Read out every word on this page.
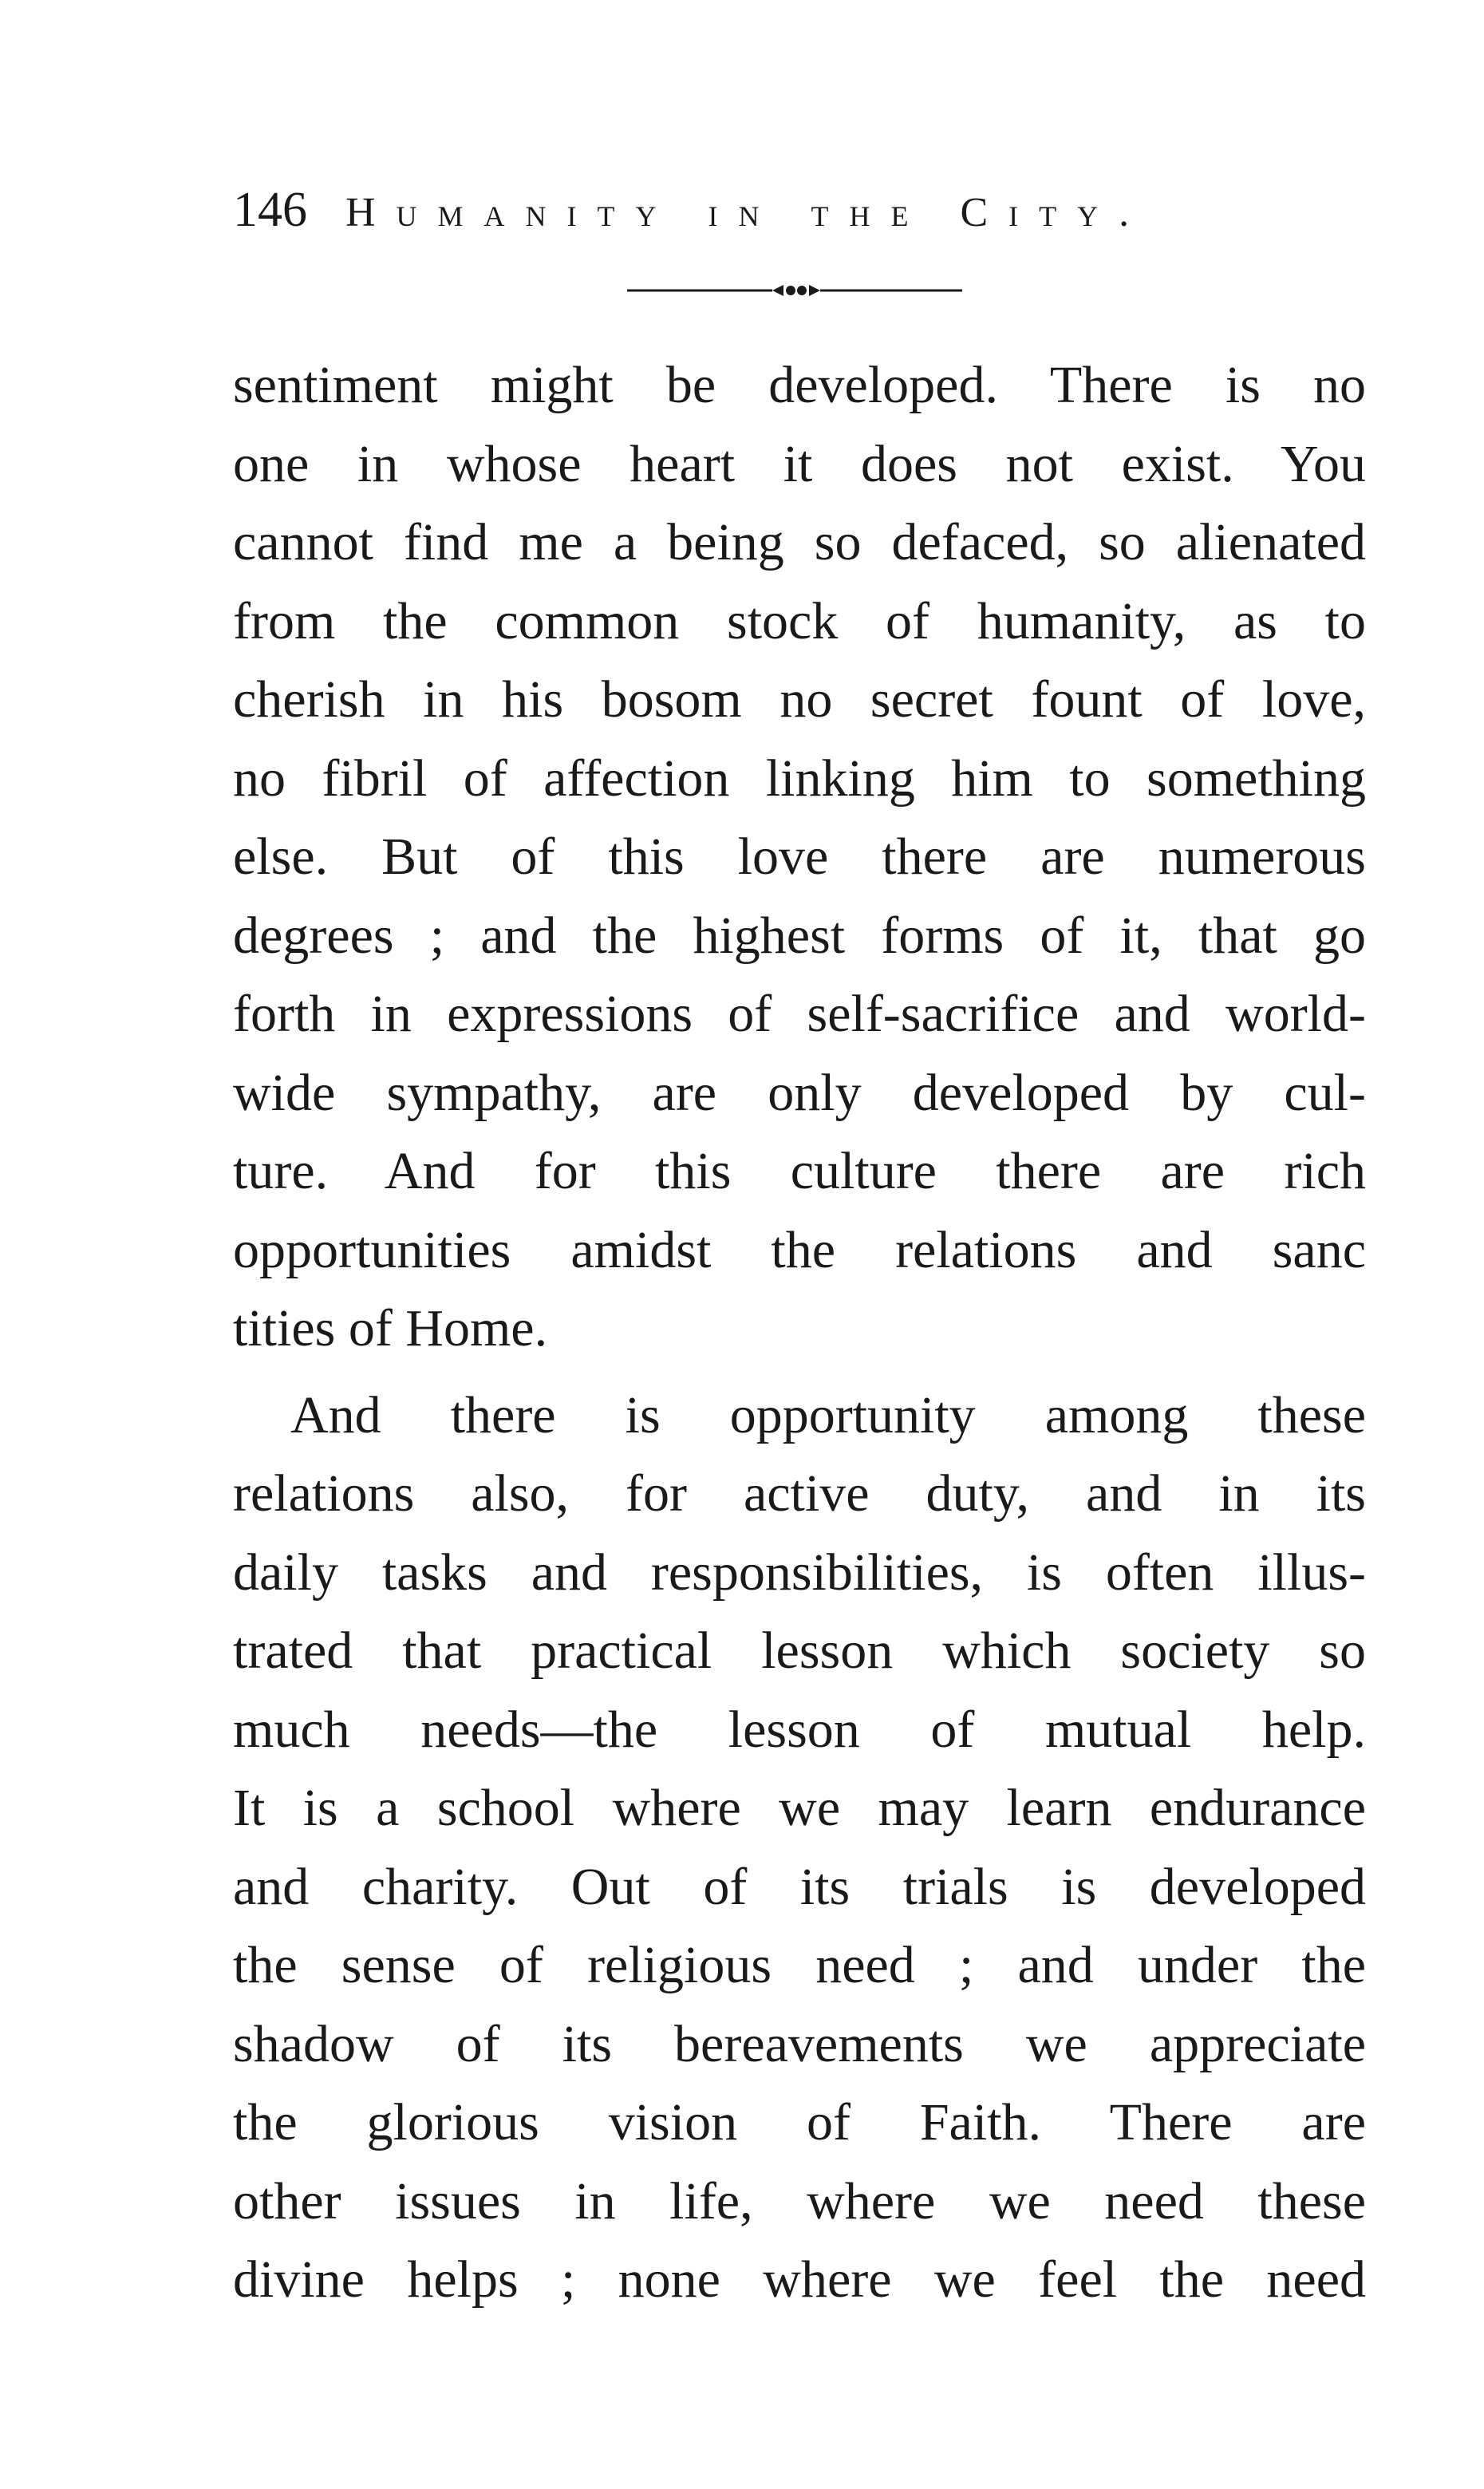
146 Humanity in the City.
sentiment might be developed. There is no
one in whose heart it does not exist. You
cannot find me a being so defaced, so alienated
from the common stock of humanity, as to
cherish in his bosom no secret fount of love,
no fibril of affection linking him to something
else. But of this love there are numerous
degrees ; and the highest forms of it, that go
forth in expressions of self-sacrifice and world-
wide sympathy, are only developed by cul-
ture. And for this culture there are rich
opportunities amidst the relations and sanc
tities of Home.
And there is opportunity among these
relations also, for active duty, and in its
daily tasks and responsibilities, is often illus-
trated that practical lesson which society so
much needs—the lesson of mutual help.
It is a school where we may learn endurance
and charity. Out of its trials is developed
the sense of religious need ; and under the
shadow of its bereavements we appreciate
the glorious vision of Faith. There are
other issues in life, where we need these
divine helps ; none where we feel the need
